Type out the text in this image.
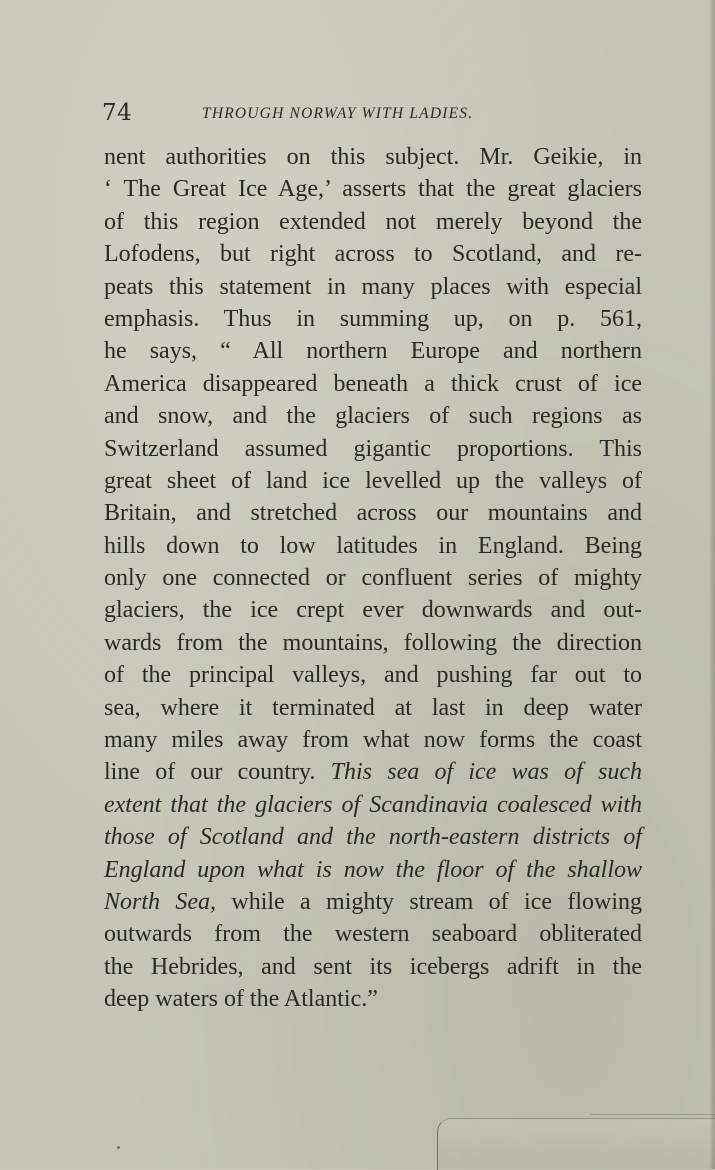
74	THROUGH NORWAY WITH LADIES.
nent authorities on this subject. Mr. Geikie, in
‘ The Great Ice Age,’ asserts that the great glaciers
of this region extended not merely beyond the
Lofodens, but right across to Scotland, and re-
peats this statement in many places with especial
emphasis. Thus in summing up, on p. 561,
he says, “ All northern Europe and northern
America disappeared beneath a thick crust of ice
and snow, and the glaciers of such regions as
Switzerland assumed gigantic proportions. This
great sheet of land ice levelled up the valleys of
Britain, and stretched across our mountains and
hills down to low latitudes in England. Being
only one connected or confluent series of mighty
glaciers, the ice crept ever downwards and out-
wards from the mountains, following the direction
of the principal valleys, and pushing far out to
sea, where it terminated at last in deep water
many miles away from what now forms the coast
line of our country. This sea of ice was of such
extent that the glaciers of Scandinavia coalesced with
those of Scotland and the north-eastern districts of
England upon what is now the floor of the shallow
North Sea, while a mighty stream of ice flowing
outwards from the western seaboard obliterated
the Hebrides, and sent its icebergs adrift in the
deep waters of the Atlantic.”
